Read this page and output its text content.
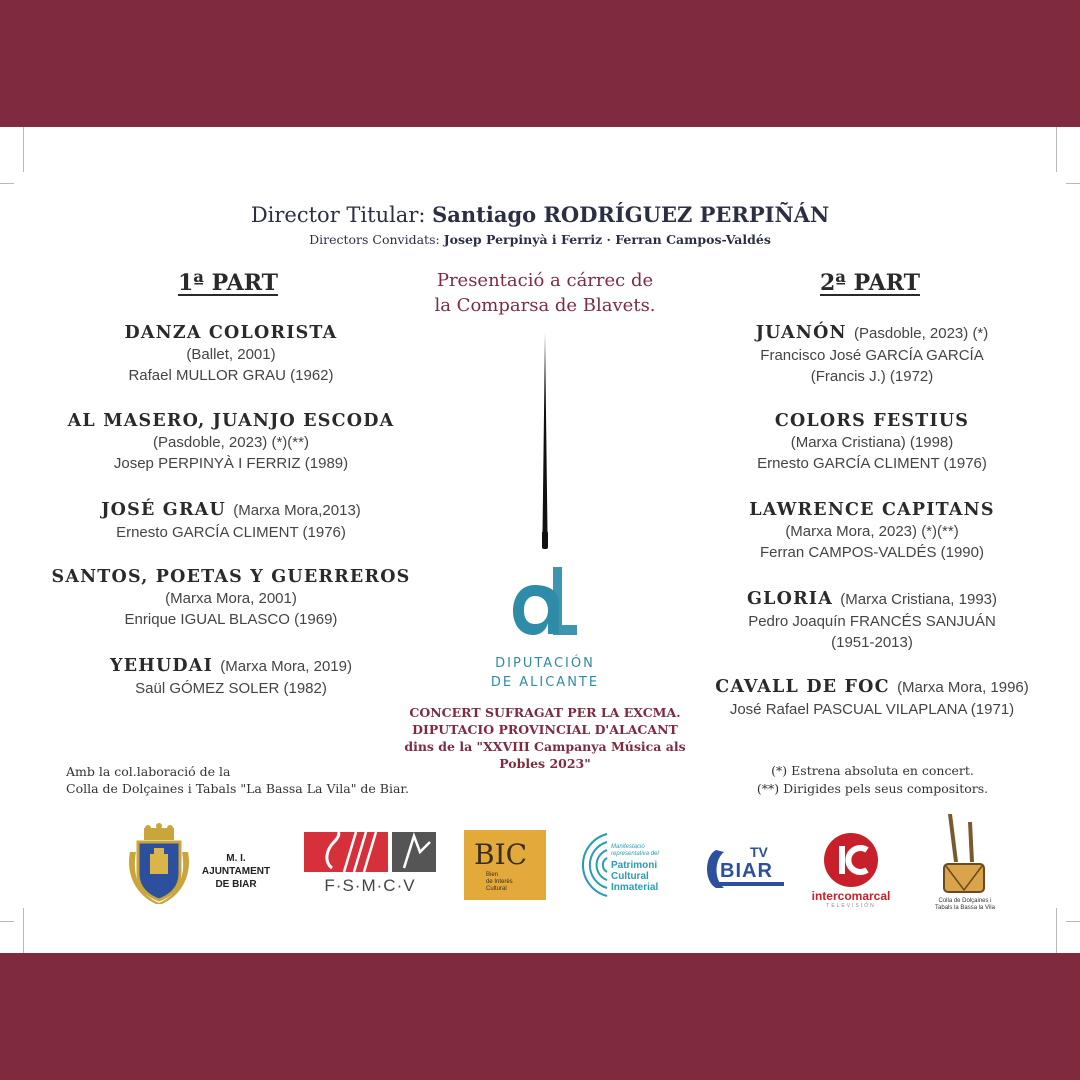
Director Titular: Santiago RODRÍGUEZ PERPIÑÁN
Directors Convidats: Josep Perpinyà i Ferriz · Ferran Campos-Valdés
1ª PART	2ª PART
Presentació a cárrec de
la Comparsa de Blavets.
DANZA COLORISTA
(Ballet, 2001)
Rafael MULLOR GRAU (1962)
AL MASERO, JUANJO ESCODA
(Pasdoble, 2023) (*)(**)
Josep PERPINYÀ I FERRIZ (1989)
JOSÉ GRAU (Marxa Mora,2013)
Ernesto GARCÍA CLIMENT (1976)
SANTOS, POETAS Y GUERREROS
(Marxa Mora, 2001)
Enrique IGUAL BLASCO (1969)
YEHUDAI (Marxa Mora, 2019)
Saül GÓMEZ SOLER (1982)
JUANÓN (Pasdoble, 2023) (*)
Francisco José GARCÍA GARCÍA
(Francis J.) (1972)
COLORS FESTIUS
(Marxa Cristiana) (1998)
Ernesto GARCÍA CLIMENT (1976)
LAWRENCE CAPITANS
(Marxa Mora, 2023) (*)(**)
Ferran CAMPOS-VALDÉS (1990)
GLORIA (Marxa Cristiana, 1993)
Pedro Joaquín FRANCÉS SANJUÁN
(1951-2013)
CAVALL DE FOC (Marxa Mora, 1996)
José Rafael PASCUAL VILAPLANA (1971)
DIPUTACIÓN
DE ALICANTE
CONCERT SUFRAGAT PER LA EXCMA.
DIPUTACIO PROVINCIAL D'ALACANT
dins de la "XXVIII Campanya Música als
Pobles 2023"
Amb la col.laboració de la
Colla de Dolçaines i Tabals "La Bassa La Vila" de Biar.
(*) Estrena absoluta en concert.
(**) Dirigides pels seus compositors.
M. I. AJUNTAMENT
DE BIAR	F·S·M·C·V
BIC
Bien
de Interés
Cultural
Manifestació
representativa del
Patrimoni
Cultural
Inmaterial
TV
BIAR
intercomarcal
TELEVISIÓN
Colla de Dolçaines i
Tabals la Bassa la Vila
